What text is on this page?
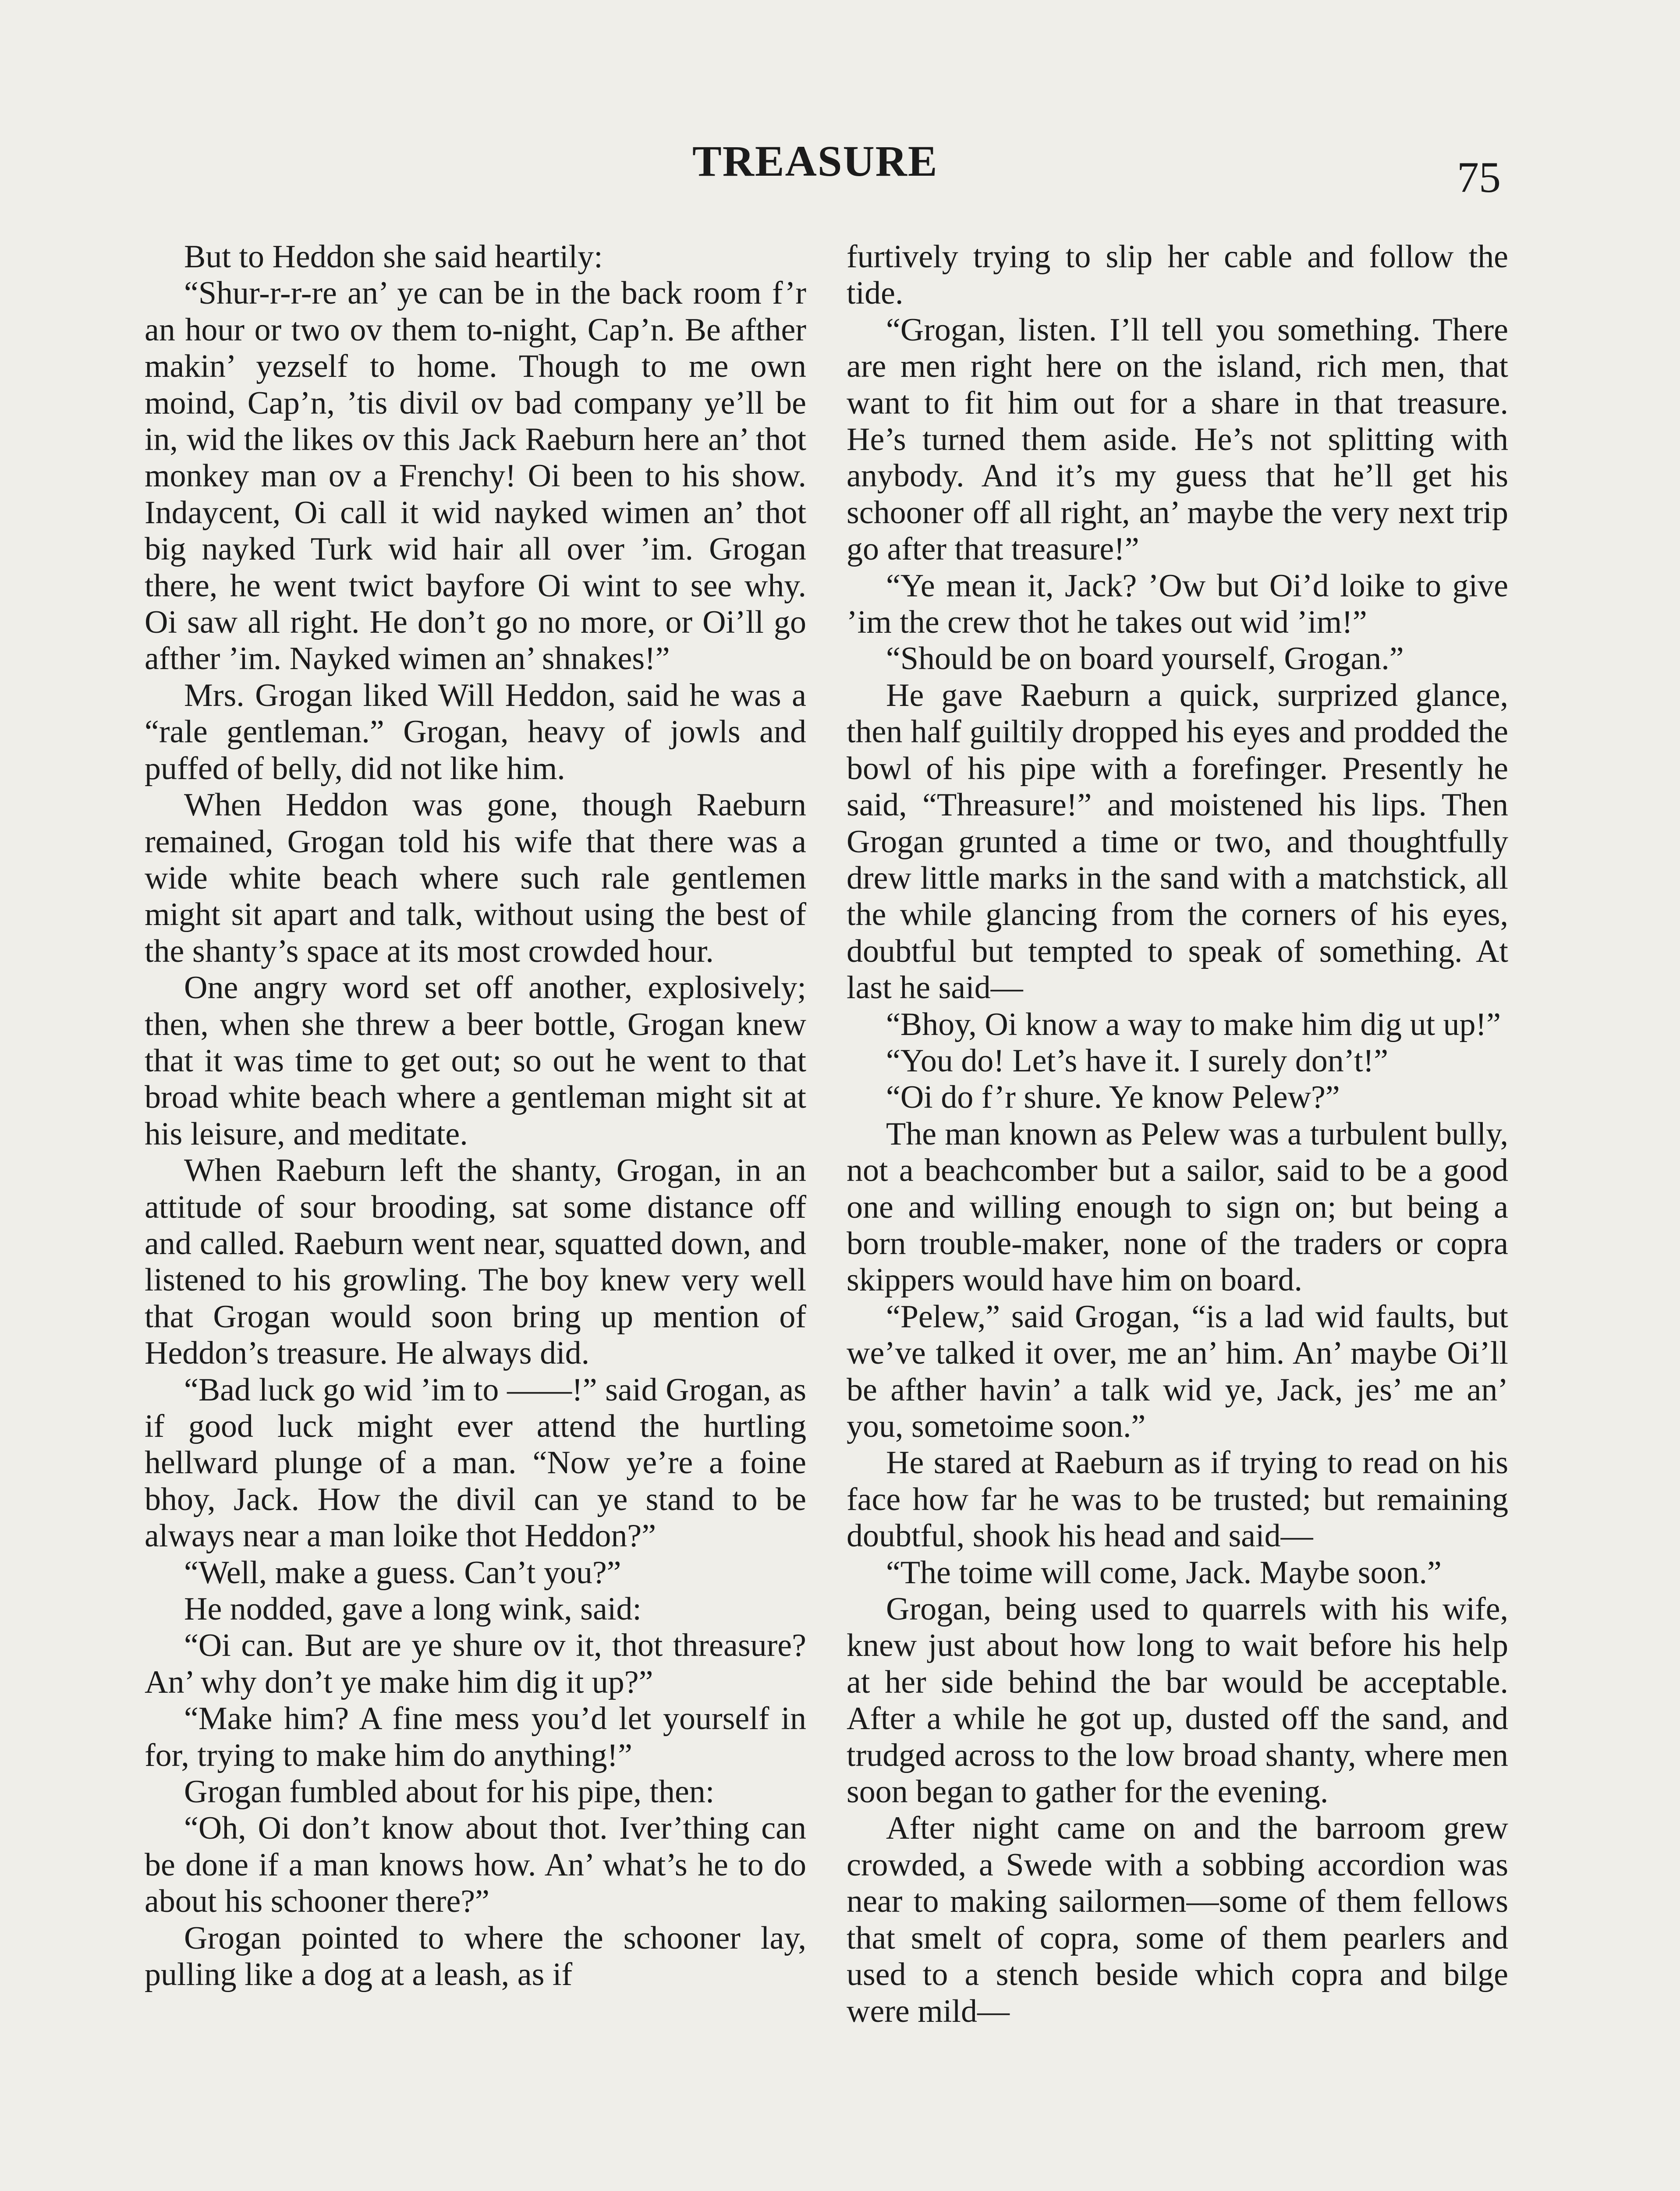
TREASURE	75

But to Heddon she said heartily:

“Shur-r-r-re an’ ye can be in the back room f’r an hour or two ov them to-night, Cap’n. Be afther makin’ yezself to home. Though to me own moind, Cap’n, ’tis divil ov bad company ye’ll be in, wid the likes ov this Jack Raeburn here an’ thot monkey man ov a Frenchy! Oi been to his show. Indaycent, Oi call it wid nayked wimen an’ thot big nayked Turk wid hair all over ’im. Grogan there, he went twict bayfore Oi wint to see why. Oi saw all right. He don’t go no more, or Oi’ll go afther ’im. Nayked wimen an’ shnakes!”

Mrs. Grogan liked Will Heddon, said he was a “rale gentleman.” Grogan, heavy of jowls and puffed of belly, did not like him.

When Heddon was gone, though Raeburn remained, Grogan told his wife that there was a wide white beach where such rale gentlemen might sit apart and talk, without using the best of the shanty’s space at its most crowded hour.

One angry word set off another, explosively; then, when she threw a beer bottle, Grogan knew that it was time to get out; so out he went to that broad white beach where a gentleman might sit at his leisure, and meditate.

When Raeburn left the shanty, Grogan, in an attitude of sour brooding, sat some distance off and called. Raeburn went near, squatted down, and listened to his growling. The boy knew very well that Grogan would soon bring up mention of Heddon’s treasure. He always did.

“Bad luck go wid ’im to ——!” said Grogan, as if good luck might ever attend the hurtling hellward plunge of a man. “Now ye’re a foine bhoy, Jack. How the divil can ye stand to be always near a man loike thot Heddon?”

“Well, make a guess. Can’t you?”

He nodded, gave a long wink, said:

“Oi can. But are ye shure ov it, thot threasure? An’ why don’t ye make him dig it up?”

“Make him? A fine mess you’d let yourself in for, trying to make him do anything!”

Grogan fumbled about for his pipe, then:

“Oh, Oi don’t know about thot. Iver’thing can be done if a man knows how. An’ what’s he to do about his schooner there?”

Grogan pointed to where the schooner lay, pulling like a dog at a leash, as if

furtively trying to slip her cable and follow the tide.

“Grogan, listen. I’ll tell you something. There are men right here on the island, rich men, that want to fit him out for a share in that treasure. He’s turned them aside. He’s not splitting with anybody. And it’s my guess that he’ll get his schooner off all right, an’ maybe the very next trip go after that treasure!”

“Ye mean it, Jack? ’Ow but Oi’d loike to give ’im the crew thot he takes out wid ’im!”

“Should be on board yourself, Grogan.”

He gave Raeburn a quick, surprized glance, then half guiltily dropped his eyes and prodded the bowl of his pipe with a forefinger. Presently he said, “Threasure!” and moistened his lips. Then Grogan grunted a time or two, and thoughtfully drew little marks in the sand with a matchstick, all the while glancing from the corners of his eyes, doubtful but tempted to speak of something. At last he said—

“Bhoy, Oi know a way to make him dig ut up!”

“You do! Let’s have it. I surely don’t!”

“Oi do f’r shure. Ye know Pelew?”

The man known as Pelew was a turbulent bully, not a beachcomber but a sailor, said to be a good one and willing enough to sign on; but being a born trouble-maker, none of the traders or copra skippers would have him on board.

“Pelew,” said Grogan, “is a lad wid faults, but we’ve talked it over, me an’ him. An’ maybe Oi’ll be afther havin’ a talk wid ye, Jack, jes’ me an’ you, sometoime soon.”

He stared at Raeburn as if trying to read on his face how far he was to be trusted; but remaining doubtful, shook his head and said—

“The toime will come, Jack. Maybe soon.”

Grogan, being used to quarrels with his wife, knew just about how long to wait before his help at her side behind the bar would be acceptable. After a while he got up, dusted off the sand, and trudged across to the low broad shanty, where men soon began to gather for the evening.

After night came on and the barroom grew crowded, a Swede with a sobbing accordion was near to making sailormen—some of them fellows that smelt of copra, some of them pearlers and used to a stench beside which copra and bilge were mild—
